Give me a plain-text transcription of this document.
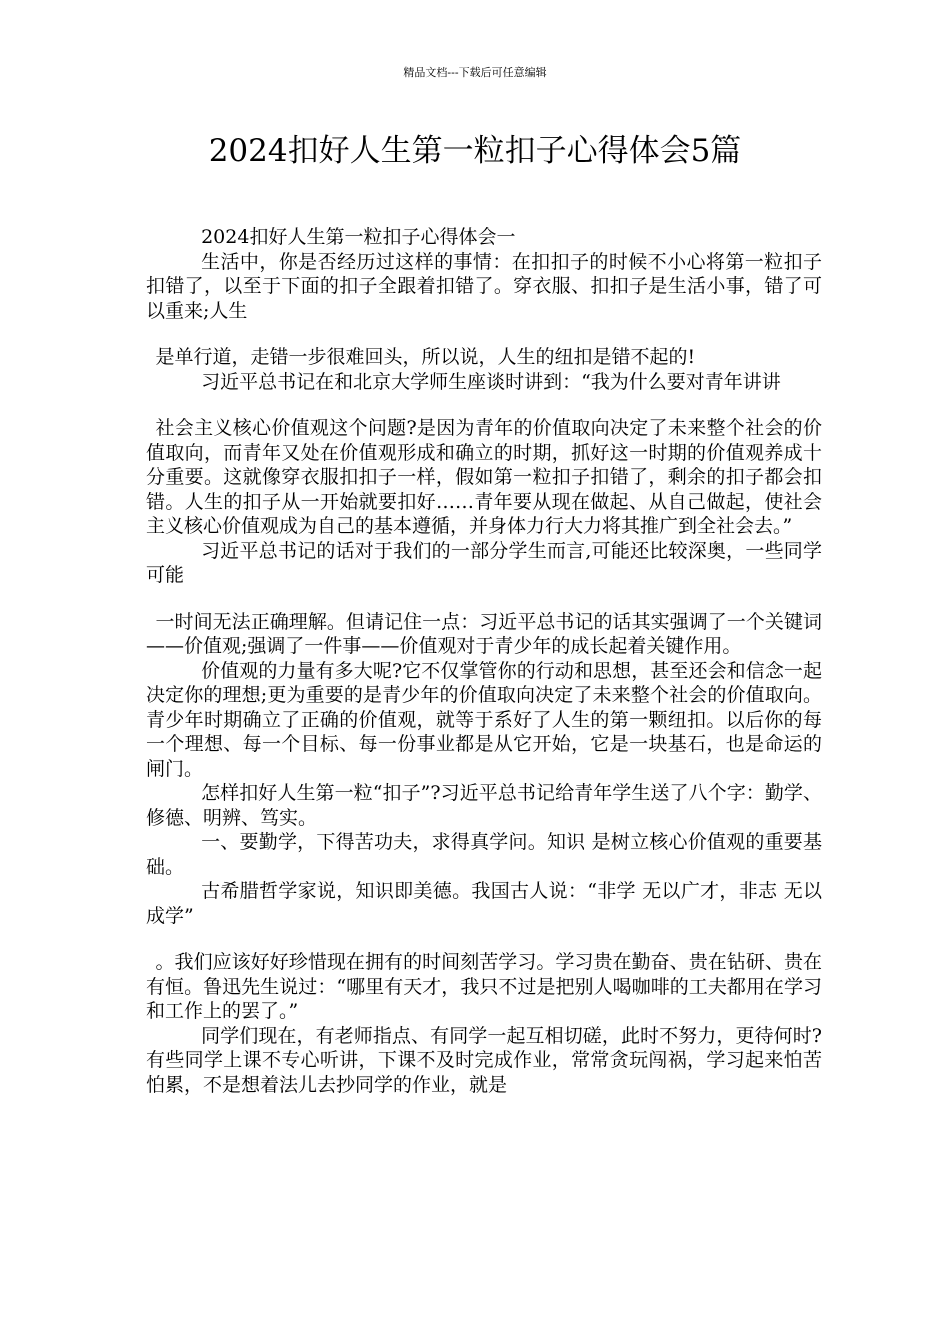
精品文档---下载后可任意编辑
2024扣好人生第一粒扣子心得体会5篇

2024扣好人生第一粒扣子心得体会一

生活中，你是否经历过这样的事情：在扣扣子的时候不小心将第一粒扣子扣错了，以至于下面的扣子全跟着扣错了。穿衣服、扣扣子是生活小事，错了可以重来;人生

是单行道，走错一步很难回头，所以说，人生的纽扣是错不起的!

习近平总书记在和北京大学师生座谈时讲到：“我为什么要对青年讲讲

社会主义核心价值观这个问题?是因为青年的价值取向决定了未来整个社会的价值取向，而青年又处在价值观形成和确立的时期，抓好这一时期的价值观养成十分重要。这就像穿衣服扣扣子一样，假如第一粒扣子扣错了，剩余的扣子都会扣错。人生的扣子从一开始就要扣好……青年要从现在做起、从自己做起，使社会主义核心价值观成为自己的基本遵循，并身体力行大力将其推广到全社会去。”

习近平总书记的话对于我们的一部分学生而言,可能还比较深奥，一些同学可能

一时间无法正确理解。但请记住一点：习近平总书记的话其实强调了一个关键词——价值观;强调了一件事——价值观对于青少年的成长起着关键作用。

价值观的力量有多大呢?它不仅掌管你的行动和思想，甚至还会和信念一起决定你的理想;更为重要的是青少年的价值取向决定了未来整个社会的价值取向。青少年时期确立了正确的价值观，就等于系好了人生的第一颗纽扣。以后你的每一个理想、每一个目标、每一份事业都是从它开始，它是一块基石，也是命运的闸门。

怎样扣好人生第一粒“扣子”?习近平总书记给青年学生送了八个字：勤学、修德、明辨、笃实。

一、要勤学，下得苦功夫，求得真学问。知识 是树立核心价值观的重要基础。

古希腊哲学家说，知识即美德。我国古人说：“非学 无以广才，非志 无以成学”

。我们应该好好珍惜现在拥有的时间刻苦学习。学习贵在勤奋、贵在钻研、贵在有恒。鲁迅先生说过：“哪里有天才，我只不过是把别人喝咖啡的工夫都用在学习和工作上的罢了。”

同学们现在，有老师指点、有同学一起互相切磋，此时不努力，更待何时?有些同学上课不专心听讲，下课不及时完成作业，常常贪玩闯祸，学习起来怕苦怕累，不是想着法儿去抄同学的作业，就是
